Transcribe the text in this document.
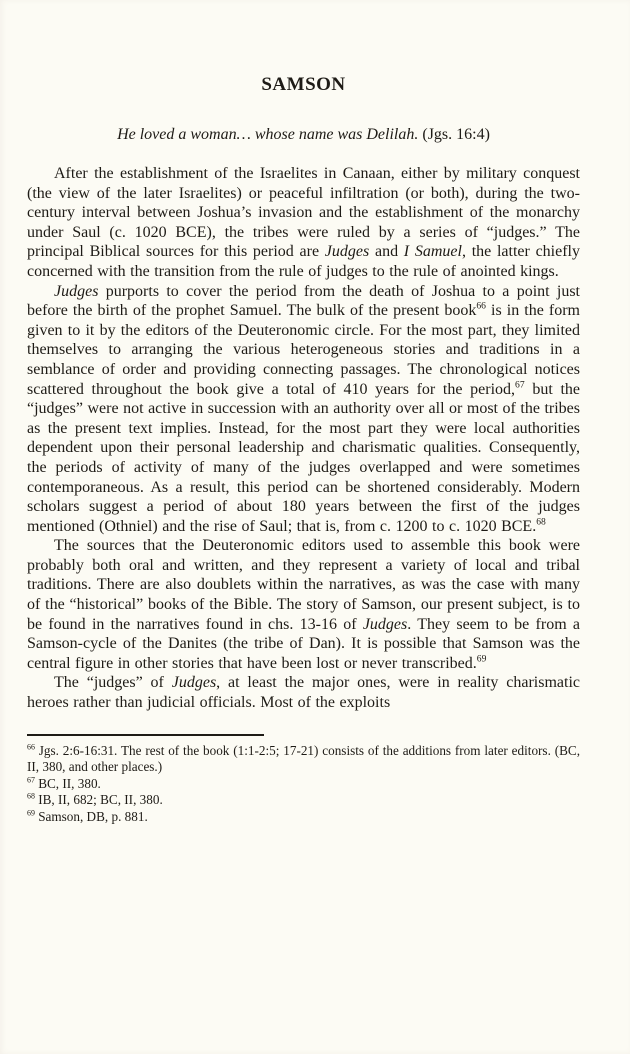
SAMSON

He loved a woman… whose name was Delilah. (Jgs. 16:4)

After the establishment of the Israelites in Canaan, either by military conquest (the view of the later Israelites) or peaceful infiltration (or both), during the two-century interval between Joshua’s invasion and the establishment of the monarchy under Saul (c. 1020 BCE), the tribes were ruled by a series of “judges.” The principal Biblical sources for this period are Judges and I Samuel, the latter chiefly concerned with the transition from the rule of judges to the rule of anointed kings.

Judges purports to cover the period from the death of Joshua to a point just before the birth of the prophet Samuel. The bulk of the present book$^{66}$ is in the form given to it by the editors of the Deuteronomic circle. For the most part, they limited themselves to arranging the various heterogeneous stories and traditions in a semblance of order and providing connecting passages. The chronological notices scattered throughout the book give a total of 410 years for the period,$^{67}$ but the “judges” were not active in succession with an authority over all or most of the tribes as the present text implies. Instead, for the most part they were local authorities dependent upon their personal leadership and charismatic qualities. Consequently, the periods of activity of many of the judges overlapped and were sometimes contemporaneous. As a result, this period can be shortened considerably. Modern scholars suggest a period of about 180 years between the first of the judges mentioned (Othniel) and the rise of Saul; that is, from c. 1200 to c. 1020 BCE.$^{68}$

The sources that the Deuteronomic editors used to assemble this book were probably both oral and written, and they represent a variety of local and tribal traditions. There are also doublets within the narratives, as was the case with many of the “historical” books of the Bible. The story of Samson, our present subject, is to be found in the narratives found in chs. 13-16 of Judges. They seem to be from a Samson-cycle of the Danites (the tribe of Dan). It is possible that Samson was the central figure in other stories that have been lost or never transcribed.$^{69}$

The “judges” of Judges, at least the major ones, were in reality charismatic heroes rather than judicial officials. Most of the exploits

$^{66}$ Jgs. 2:6-16:31. The rest of the book (1:1-2:5; 17-21) consists of the additions from later editors. (BC, II, 380, and other places.)

$^{67}$ BC, II, 380.

$^{68}$ IB, II, 682; BC, II, 380.

$^{69}$ Samson, DB, p. 881.
